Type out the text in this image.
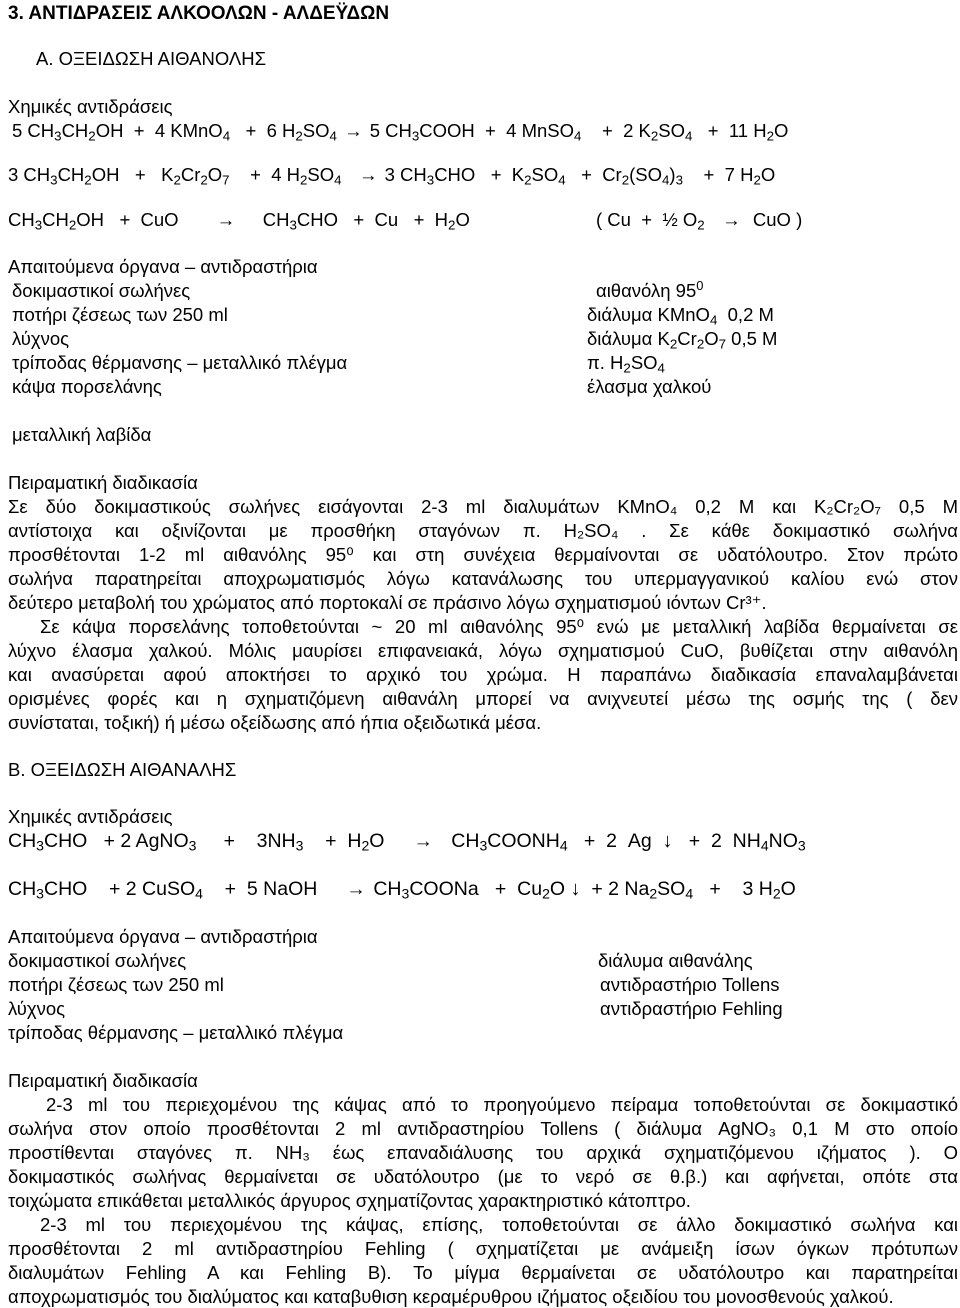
3. ΑΝΤΙΔΡΑΣΕΙΣ ΑΛΚΟΟΛΩΝ - ΑΛΔΕΫΔΩΝ
Α. ΟΞΕΙΔΩΣΗ ΑΙΘΑΝΟΛΗΣ
Χημικές αντιδράσεις
5 $CH_3CH_2OH + 4$ KMnO$_4$   +  6 $H_2SO_4 \to 5$ $CH_3COOH + 4$ MnSO$_4$    +  2 $K_2SO_4 + 11$ $H_2O$
3 $CH_3CH_2OH + K_2Cr_2O_7$    +  4 $H_2SO_4 \to 3$ $CH_3CHO + K_2SO_4 + Cr_2(SO_4)_3$    +  7 $H_2O$
$CH_3CH_2OH$   +  CuO       →     $CH_3CHO + Cu + H_2O$	( Cu  +  ½ $O_2$ →  CuO )
Απαιτούμενα όργανα – αντιδραστήρια
δοκιμαστικοί σωλήνες
ποτήρι ζέσεως των 250 ml
λύχνος
τρίποδας θέρμανσης – μεταλλικό πλέγμα
κάψα πορσελάνης
μεταλλική λαβίδα
αιθανόλη $95^0$
διάλυμα KMnO$_4$  0,2 M
διάλυμα $K_2Cr_2O_7$ 0,5 M
π. $H_2SO_4$
έλασμα χαλκού
Πειραματική διαδικασία
Σε δύο δοκιμαστικούς σωλήνες εισάγονται 2-3 ml διαλυμάτων KMnO₄ 0,2 M και K₂Cr₂O₇ 0,5 M
αντίστοιχα και οξινίζονται με προσθήκη σταγόνων π. H₂SO₄ . Σε κάθε δοκιμαστικό σωλήνα
προσθέτονται 1-2 ml αιθανόλης 95⁰ και στη συνέχεια θερμαίνονται σε υδατόλουτρο. Στον πρώτο
σωλήνα παρατηρείται αποχρωματισμός λόγω κατανάλωσης του υπερμαγγανικού καλίου ενώ στον
δεύτερο μεταβολή του χρώματος από πορτοκαλί σε πράσινο λόγω σχηματισμού ιόντων Cr³⁺.
Σε κάψα πορσελάνης τοποθετούνται ~ 20 ml αιθανόλης 95⁰ ενώ με μεταλλική λαβίδα θερμαίνεται σε
λύχνο έλασμα χαλκού. Μόλις μαυρίσει επιφανειακά, λόγω σχηματισμού CuO, βυθίζεται στην αιθανόλη
και ανασύρεται αφού αποκτήσει το αρχικό του χρώμα. Η παραπάνω διαδικασία επαναλαμβάνεται
ορισμένες φορές και η σχηματιζόμενη αιθανάλη μπορεί να ανιχνευτεί μέσω της οσμής της ( δεν
συνίσταται, τοξική) ή μέσω οξείδωσης από ήπια οξειδωτικά μέσα.
Β. ΟΞΕΙΔΩΣΗ ΑΙΘΑΝΑΛΗΣ
Χημικές αντιδράσεις
$CH_3CHO + 2$ AgNO$_3$     +    $3NH_3$    +  $H_2O$     →   $CH_3COONH_4 + 2$  Ag  ↓   +  2  $NH_4NO_3$
$CH_3CHO$    + 2 CuSO$_4$    +  5 NaOH     → $CH_3COONa + Cu_2O$ ↓  + 2 $Na_2SO_4$   +    3 $H_2O$
Απαιτούμενα όργανα – αντιδραστήρια
δοκιμαστικοί σωλήνες
ποτήρι ζέσεως των 250 ml
λύχνος
τρίποδας θέρμανσης – μεταλλικό πλέγμα
διάλυμα αιθανάλης
αντιδραστήριο Tollens
αντιδραστήριο Fehling
Πειραματική διαδικασία
2-3 ml του περιεχομένου της κάψας από το προηγούμενο πείραμα τοποθετούνται σε δοκιμαστικό
σωλήνα στον οποίο προσθέτονται 2 ml αντιδραστηρίου Tollens ( διάλυμα AgNO₃ 0,1 M στο οποίο
προστίθενται σταγόνες π. NH₃ έως επαναδιάλυσης του αρχικά σχηματιζόμενου ιζήματος ). Ο
δοκιμαστικός σωλήνας θερμαίνεται σε υδατόλουτρο (με το νερό σε θ.β.) και αφήνεται, οπότε στα
τοιχώματα επικάθεται μεταλλικός άργυρος σχηματίζοντας χαρακτηριστικό κάτοπτρο.
2-3 ml του περιεχομένου της κάψας, επίσης, τοποθετούνται σε άλλο δοκιμαστικό σωλήνα και
προσθέτονται 2 ml αντιδραστηρίου Fehling ( σχηματίζεται με ανάμειξη ίσων όγκων πρότυπων
διαλυμάτων Fehling A και Fehling B). Το μίγμα θερμαίνεται σε υδατόλουτρο και παρατηρείται
αποχρωματισμός του διαλύματος και καταβυθιση κεραμέρυθρου ιζήματος οξειδίου του μονοσθενούς χαλκού.
